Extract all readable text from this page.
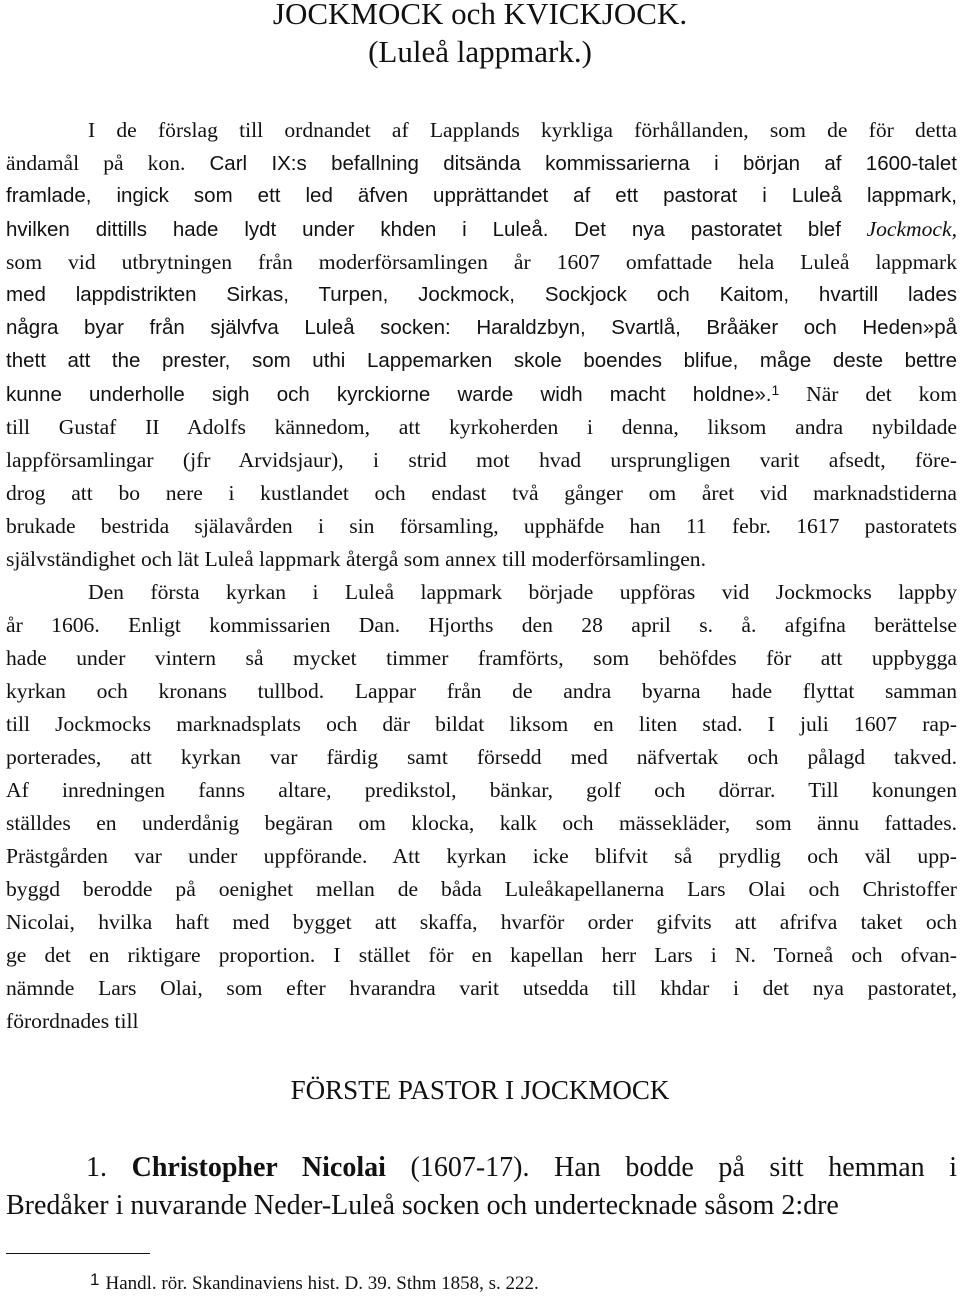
JOCKMOCK och KVICKJOCK.
(Luleå lappmark.)
I de förslag till ordnandet af Lapplands kyrkliga förhållanden, som de för detta
ändamål på kon. Carl IX:s befallning ditsända kommissarierna i början af 1600-talet
framlade, ingick som ett led äfven upprättandet af ett pastorat i Luleå lappmark,
hvilken dittills hade lydt under khden i Luleå. Det nya pastoratet blef Jockmock,
som vid utbrytningen från moderförsamlingen år 1607 omfattade hela Luleå lappmark
med lappdistrikten Sirkas, Turpen, Jockmock, Sockjock och Kaitom, hvartill lades
några byar från självfva Luleå socken: Haraldzbyn, Svartlå, Bråäker och Heden»på
thett att the prester, som uthi Lappemarken skole boendes blifue, måge deste bettre
kunne underholle sigh och kyrckiorne warde widh macht holdne».$^1$ När det kom
till Gustaf II Adolfs kännedom, att kyrkoherden i denna, liksom andra nybildade
lappförsamlingar (jfr Arvidsjaur), i strid mot hvad ursprungligen varit afsedt, före-
drog att bo nere i kustlandet och endast två gånger om året vid marknadstiderna
brukade bestrida själavården i sin församling, upphäfde han 11 febr. 1617 pastoratets
självständighet och lät Luleå lappmark återgå som annex till moderförsamlingen.
Den första kyrkan i Luleå lappmark började uppföras vid Jockmocks lappby
år 1606. Enligt kommissarien Dan. Hjorths den 28 april s. å. afgifna berättelse
hade under vintern så mycket timmer framförts, som behöfdes för att uppbygga
kyrkan och kronans tullbod. Lappar från de andra byarna hade flyttat samman
till Jockmocks marknadsplats och där bildat liksom en liten stad. I juli 1607 rap-
porterades, att kyrkan var färdig samt försedd med näfvertak och pålagd takved.
Af inredningen fanns altare, predikstol, bänkar, golf och dörrar. Till konungen
ställdes en underdånig begäran om klocka, kalk och mässekläder, som ännu fattades.
Prästgården var under uppförande. Att kyrkan icke blifvit så prydlig och väl upp-
byggd berodde på oenighet mellan de båda Luleåkapellanerna Lars Olai och Christoffer
Nicolai, hvilka haft med bygget att skaffa, hvarför order gifvits att afrifva taket och
ge det en riktigare proportion. I stället för en kapellan herr Lars i N. Torneå och ofvan-
nämnde Lars Olai, som efter hvarandra varit utsedda till khdar i det nya pastoratet,
förordnades till
FÖRSTE PASTOR I JOCKMOCK
1. Christopher Nicolai (1607-17). Han bodde på sitt hemman i
Bredåker i nuvarande Neder-Luleå socken och undertecknade såsom 2:dre
1 Handl. rör. Skandinaviens hist. D. 39. Sthm 1858, s. 222.
